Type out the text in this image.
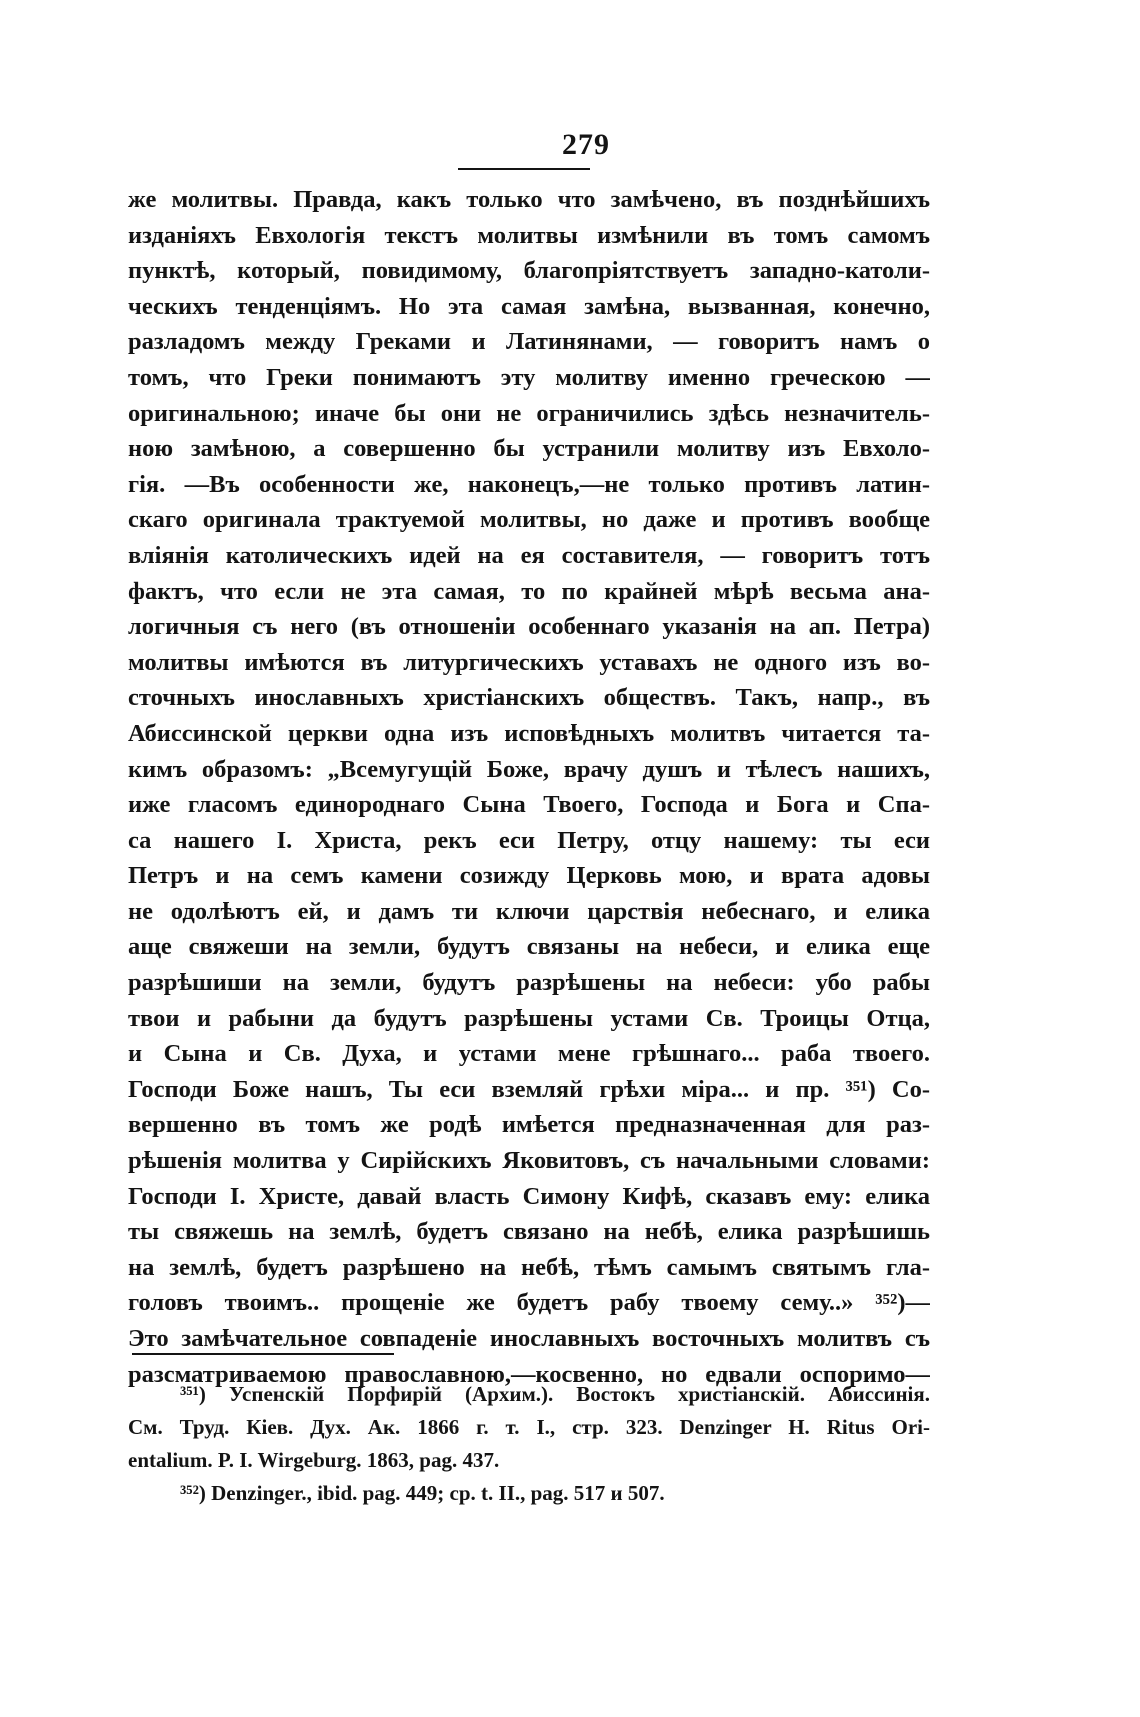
279
же молитвы. Правда, какъ только что замѣчено, въ позднѣйшихъ
изданіяхъ Евхологія текстъ молитвы измѣнили въ томъ самомъ
пунктѣ, который, повидимому, благопріятствуетъ западно-католи-
ческихъ тенденціямъ. Но эта самая замѣна, вызванная, конечно,
разладомъ между Греками и Латинянами, — говоритъ намъ о
томъ, что Греки понимаютъ эту молитву именно греческою —
оригинальною; иначе бы они не ограничились здѣсь незначитель-
ною замѣною, а совершенно бы устранили молитву изъ Евхоло-
гія. —Въ особенности же, наконецъ,—не только противъ латин-
скаго оригинала трактуемой молитвы, но даже и противъ вообще
вліянія католическихъ идей на ея составителя, — говоритъ тотъ
фактъ, что если не эта самая, то по крайней мѣрѣ весьма ана-
логичныя съ него (въ отношеніи особеннаго указанія на ап. Петра)
молитвы имѣются въ литургическихъ уставахъ не одного изъ во-
сточныхъ инославныхъ христіанскихъ обществъ. Такъ, напр., въ
Абиссинской церкви одна изъ исповѣдныхъ молитвъ читается та-
кимъ образомъ: „Всемугущій Боже, врачу душъ и тѣлесъ нашихъ,
иже гласомъ единороднаго Сына Твоего, Господа и Бога и Спа-
са нашего І. Христа, рекъ еси Петру, отцу нашему: ты еси
Петръ и на семъ камени созижду Церковь мою, и врата адовы
не одолѣютъ ей, и дамъ ти ключи царствія небеснаго, и елика
аще свяжеши на земли, будутъ связаны на небеси, и елика еще
разрѣшиши на земли, будутъ разрѣшены на небеси: убо рабы
твои и рабыни да будутъ разрѣшены устами Св. Троицы Отца,
и Сына и Св. Духа, и устами мене грѣшнаго... раба твоего.
Господи Боже нашъ, Ты еси вземляй грѣхи міра... и пр. ³⁵¹) Со-
вершенно въ томъ же родѣ имѣется предназначенная для раз-
рѣшенія молитва у Сирійскихъ Яковитовъ, съ начальными словами:
Господи І. Христе, давай власть Симону Кифѣ, сказавъ ему: елика
ты свяжешь на землѣ, будетъ связано на небѣ, елика разрѣшишь
на землѣ, будетъ разрѣшено на небѣ, тѣмъ самымъ святымъ гла-
головъ твоимъ.. прощеніе же будетъ рабу твоему сему..» ³⁵²)—
Это замѣчательное совпаденіе инославныхъ восточныхъ молитвъ съ
разсматриваемою православною,—косвенно, но едвали оспоримо—
³⁵¹) Успенскій Порфирій (Архим.). Востокъ христіанскій. Абиссинія.
См. Труд. Кіев. Дух. Ак. 1866 г. т. I., стр. 323. Denzinger H. Ritus Ori-
entalium. P. I. Wirgeburg. 1863, pag. 437.
³⁵²) Denzinger., ibid. pag. 449; ср. t. II., pag. 517 и 507.
